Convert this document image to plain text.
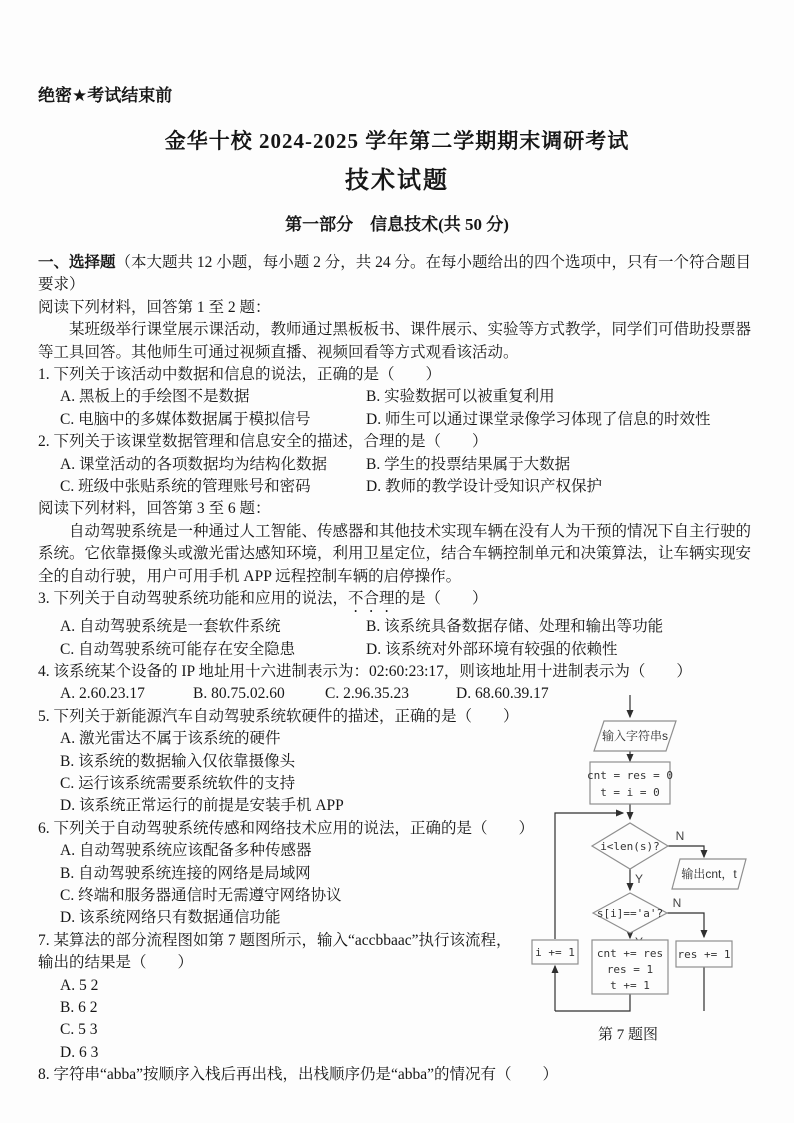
绝密★考试结束前

金华十校 2024-2025 学年第二学期期末调研考试

技术试题

第一部分　信息技术(共 50 分)

一、选择题（本大题共 12 小题，每小题 2 分，共 24 分。在每小题给出的四个选项中，只有一个符合题目要求）

阅读下列材料，回答第 1 至 2 题：

某班级举行课堂展示课活动，教师通过黑板板书、课件展示、实验等方式教学，同学们可借助投票器等工具回答。其他师生可通过视频直播、视频回看等方式观看该活动。

1. 下列关于该活动中数据和信息的说法，正确的是（　　）

A. 黑板上的手绘图不是数据	B. 实验数据可以被重复利用
C. 电脑中的多媒体数据属于模拟信号	D. 师生可以通过课堂录像学习体现了信息的时效性

2. 下列关于该课堂数据管理和信息安全的描述，合理的是（　　）

A. 课堂活动的各项数据均为结构化数据	B. 学生的投票结果属于大数据
C. 班级中张贴系统的管理账号和密码	D. 教师的教学设计受知识产权保护

阅读下列材料，回答第 3 至 6 题：

自动驾驶系统是一种通过人工智能、传感器和其他技术实现车辆在没有人为干预的情况下自主行驶的系统。它依靠摄像头或激光雷达感知环境，利用卫星定位，结合车辆控制单元和决策算法，让车辆实现安全的自动行驶，用户可用手机 APP 远程控制车辆的启停操作。

3. 下列关于自动驾驶系统功能和应用的说法，不合理的是（　　）

A. 自动驾驶系统是一套软件系统	B. 该系统具备数据存储、处理和输出等功能
C. 自动驾驶系统可能存在安全隐患	D. 该系统对外部环境有较强的依赖性

4. 该系统某个设备的 IP 地址用十六进制表示为：02:60:23:17，则该地址用十进制表示为（　　）

A. 2.60.23.17	B. 80.75.02.60	C. 2.96.35.23	D. 68.60.39.17

5. 下列关于新能源汽车自动驾驶系统软硬件的描述，正确的是（　　）

A. 激光雷达不属于该系统的硬件

B. 该系统的数据输入仅依靠摄像头

C. 运行该系统需要系统软件的支持

D. 该系统正常运行的前提是安装手机 APP

6. 下列关于自动驾驶系统传感和网络技术应用的说法，正确的是（　　）

A. 自动驾驶系统应该配备多种传感器

B. 自动驾驶系统连接的网络是局域网

C. 终端和服务器通信时无需遵守网络协议

D. 该系统网络只有数据通信功能

7. 某算法的部分流程图如第 7 题图所示，输入“accbbaac”执行该流程，

输出的结果是（　　）

A. 5 2

B. 6 2

C. 5 3

D. 6 3

8. 字符串“abba”按顺序入栈后再出栈，出栈顺序仍是“abba”的情况有（　　）

输入字符串s
cnt = res = 0
t = i = 0
i<len(s)?
N
Y	输出cnt，t
s[i]=='a'?
N
cnt += res
res = 1
t += 1
res += 1
i += 1
第 7 题图
